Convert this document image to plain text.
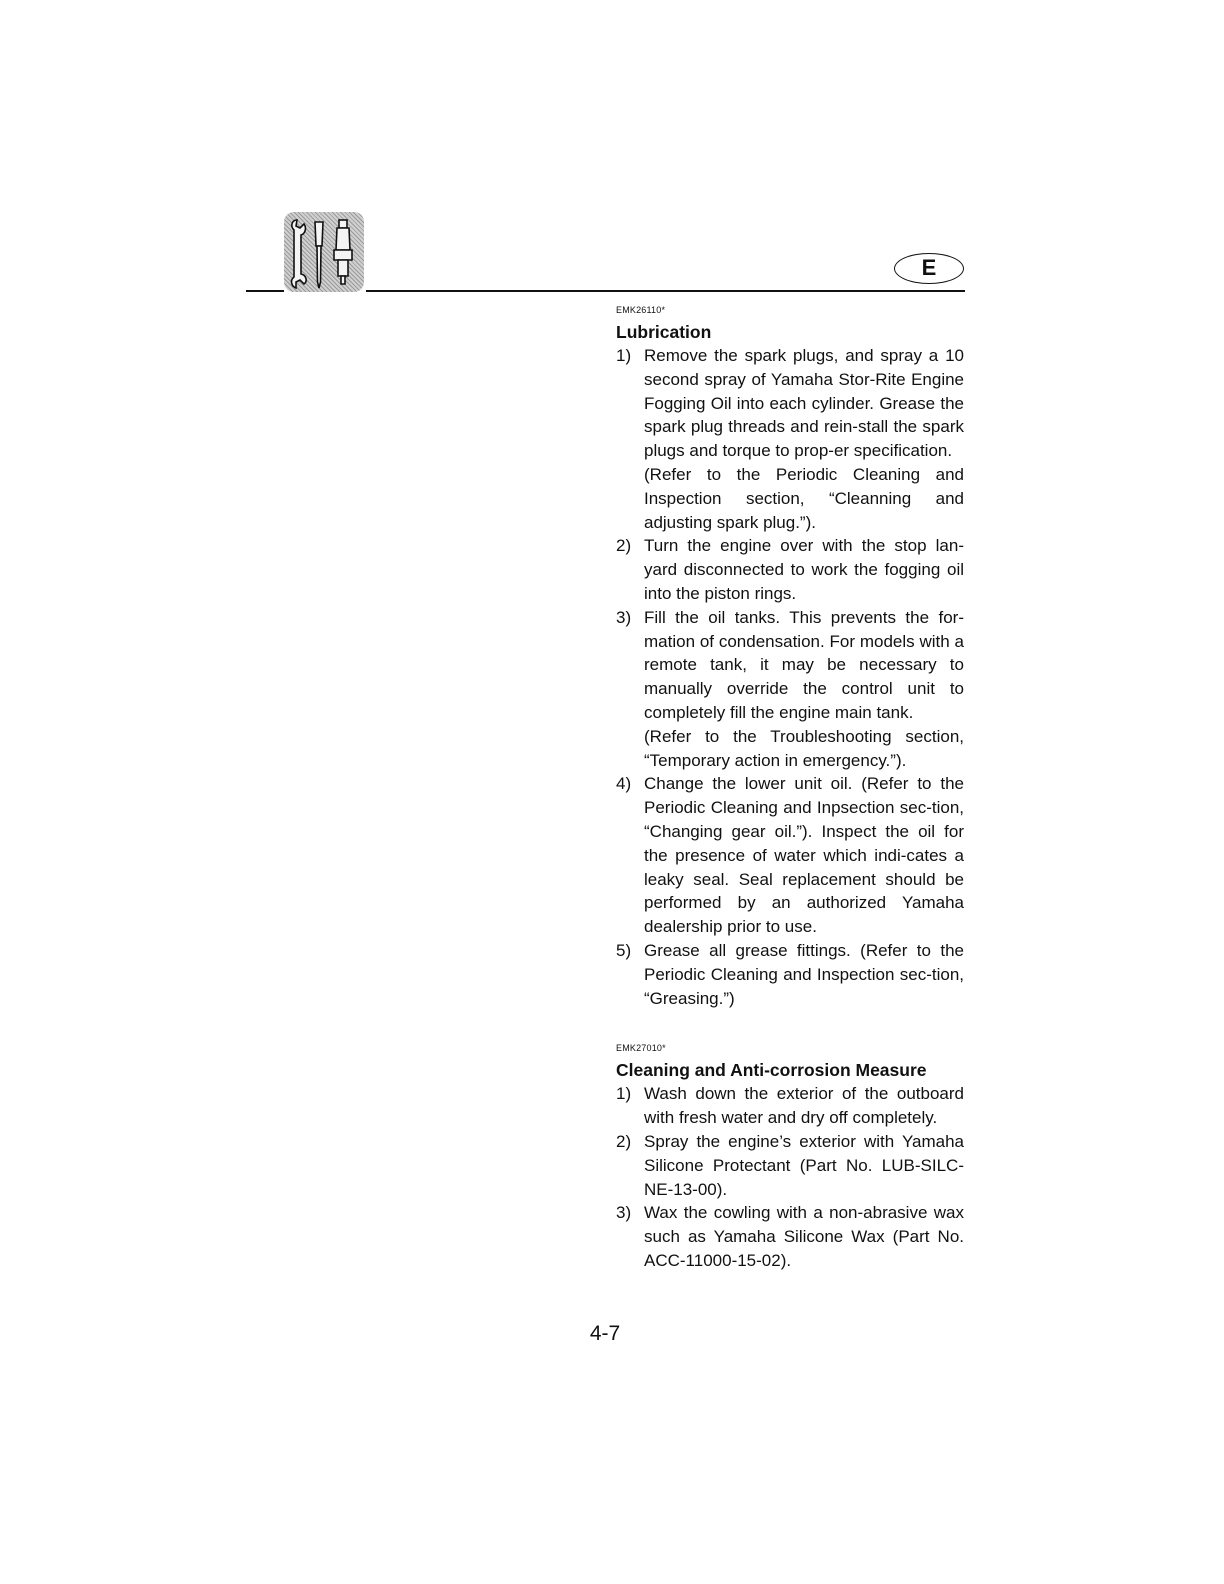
E

EMK26110*

Lubrication
1) Remove the spark plugs, and spray a 10 second spray of Yamaha Stor-Rite Engine Fogging Oil into each cylinder. Grease the spark plug threads and rein-stall the spark plugs and torque to prop-er specification.

(Refer to the Periodic Cleaning and Inspection section, “Cleanning and adjusting spark plug.”).

2) Turn the engine over with the stop lan-yard disconnected to work the fogging oil into the piston rings.

3) Fill the oil tanks. This prevents the for-mation of condensation. For models with a remote tank, it may be necessary to manually override the control unit to completely fill the engine main tank.

(Refer to the Troubleshooting section, “Temporary action in emergency.”).

4) Change the lower unit oil. (Refer to the Periodic Cleaning and Inpsection sec-tion, “Changing gear oil.”). Inspect the oil for the presence of water which indi-cates a leaky seal. Seal replacement should be performed by an authorized Yamaha dealership prior to use.

5) Grease all grease fittings. (Refer to the Periodic Cleaning and Inspection sec-tion, “Greasing.”)

EMK27010*

Cleaning and Anti-corrosion Measure
1) Wash down the exterior of the outboard with fresh water and dry off completely.

2) Spray the engine’s exterior with Yamaha Silicone Protectant (Part No. LUB-SILC-NE-13-00).

3) Wax the cowling with a non-abrasive wax such as Yamaha Silicone Wax (Part No. ACC-11000-15-02).

4-7
